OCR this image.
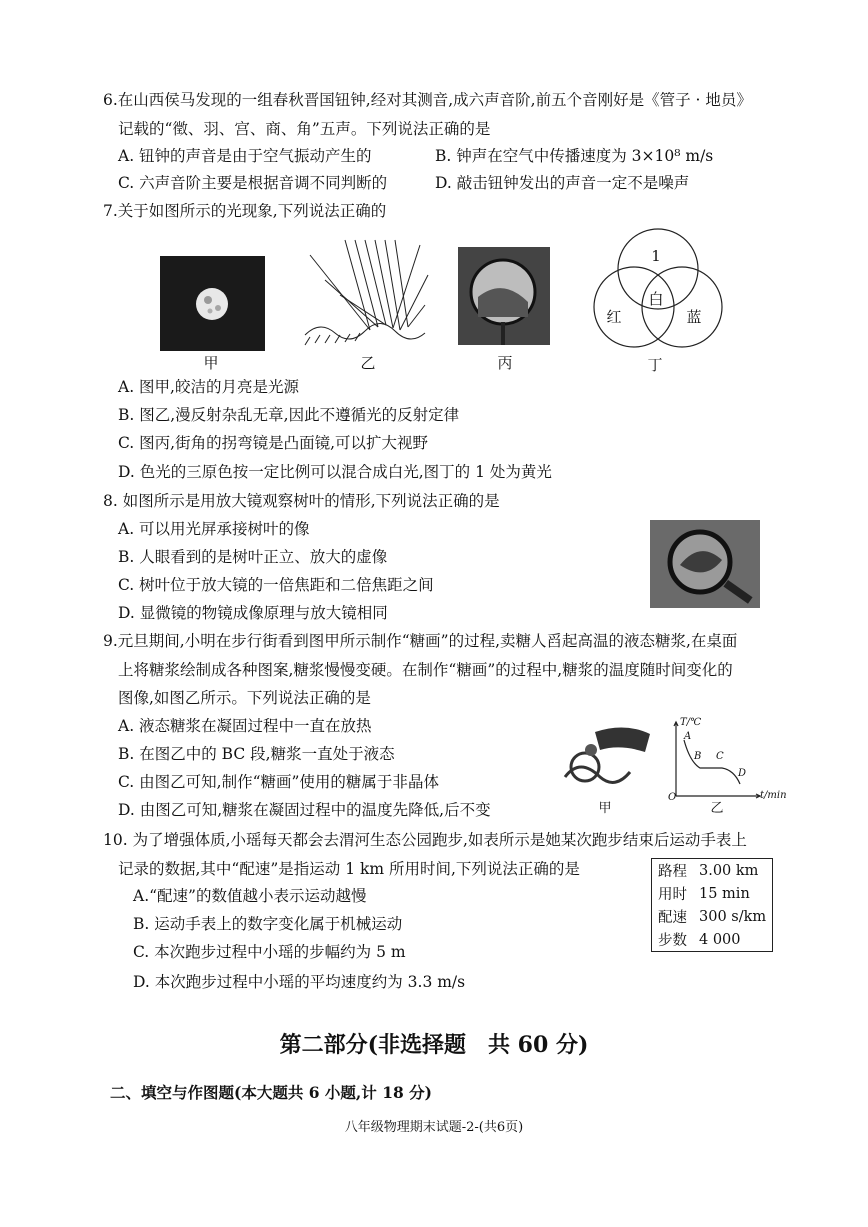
6.在山西侯马发现的一组春秋晋国钮钟,经对其测音,成六声音阶,前五个音刚好是《管子 · 地员》
记载的“徵、羽、宫、商、角”五声。下列说法正确的是
A. 钮钟的声音是由于空气振动产生的	B. 钟声在空气中传播速度为 3×10⁸ m/s
C. 六声音阶主要是根据音调不同判断的	D. 敲击钮钟发出的声音一定不是噪声
7.关于如图所示的光现象,下列说法正确的
甲	乙	丙
1
红	蓝
白
丁
A. 图甲,皎洁的月亮是光源
B. 图乙,漫反射杂乱无章,因此不遵循光的反射定律
C. 图丙,街角的拐弯镜是凸面镜,可以扩大视野
D. 色光的三原色按一定比例可以混合成白光,图丁的 1 处为黄光
8. 如图所示是用放大镜观察树叶的情形,下列说法正确的是
A. 可以用光屏承接树叶的像
B. 人眼看到的是树叶正立、放大的虚像
C. 树叶位于放大镜的一倍焦距和二倍焦距之间
D. 显微镜的物镜成像原理与放大镜相同
9.元旦期间,小明在步行街看到图甲所示制作“糖画”的过程,卖糖人舀起高温的液态糖浆,在桌面
上将糖浆绘制成各种图案,糖浆慢慢变硬。在制作“糖画”的过程中,糖浆的温度随时间变化的
图像,如图乙所示。下列说法正确的是
A. 液态糖浆在凝固过程中一直在放热
B. 在图乙中的 BC 段,糖浆一直处于液态
C. 由图乙可知,制作“糖画”使用的糖属于非晶体
D. 由图乙可知,糖浆在凝固过程中的温度先降低,后不变	甲
T/℃
A
B C
D
O	t/min
乙
10. 为了增强体质,小瑶每天都会去渭河生态公园跑步,如表所示是她某次跑步结束后运动手表上
记录的数据,其中“配速”是指运动 1 km 所用时间,下列说法正确的是
A.“配速”的数值越小表示运动越慢
B. 运动手表上的数字变化属于机械运动
C. 本次跑步过程中小瑶的步幅约为 5 m
D. 本次跑步过程中小瑶的平均速度约为 3.3 m/s
路程	3.00 km
用时	15 min
配速	300 s/km
步数	4 000
第二部分(非选择题　共 60 分)
二、填空与作图题(本大题共 6 小题,计 18 分)
八年级物理期末试题-2-(共6页)
